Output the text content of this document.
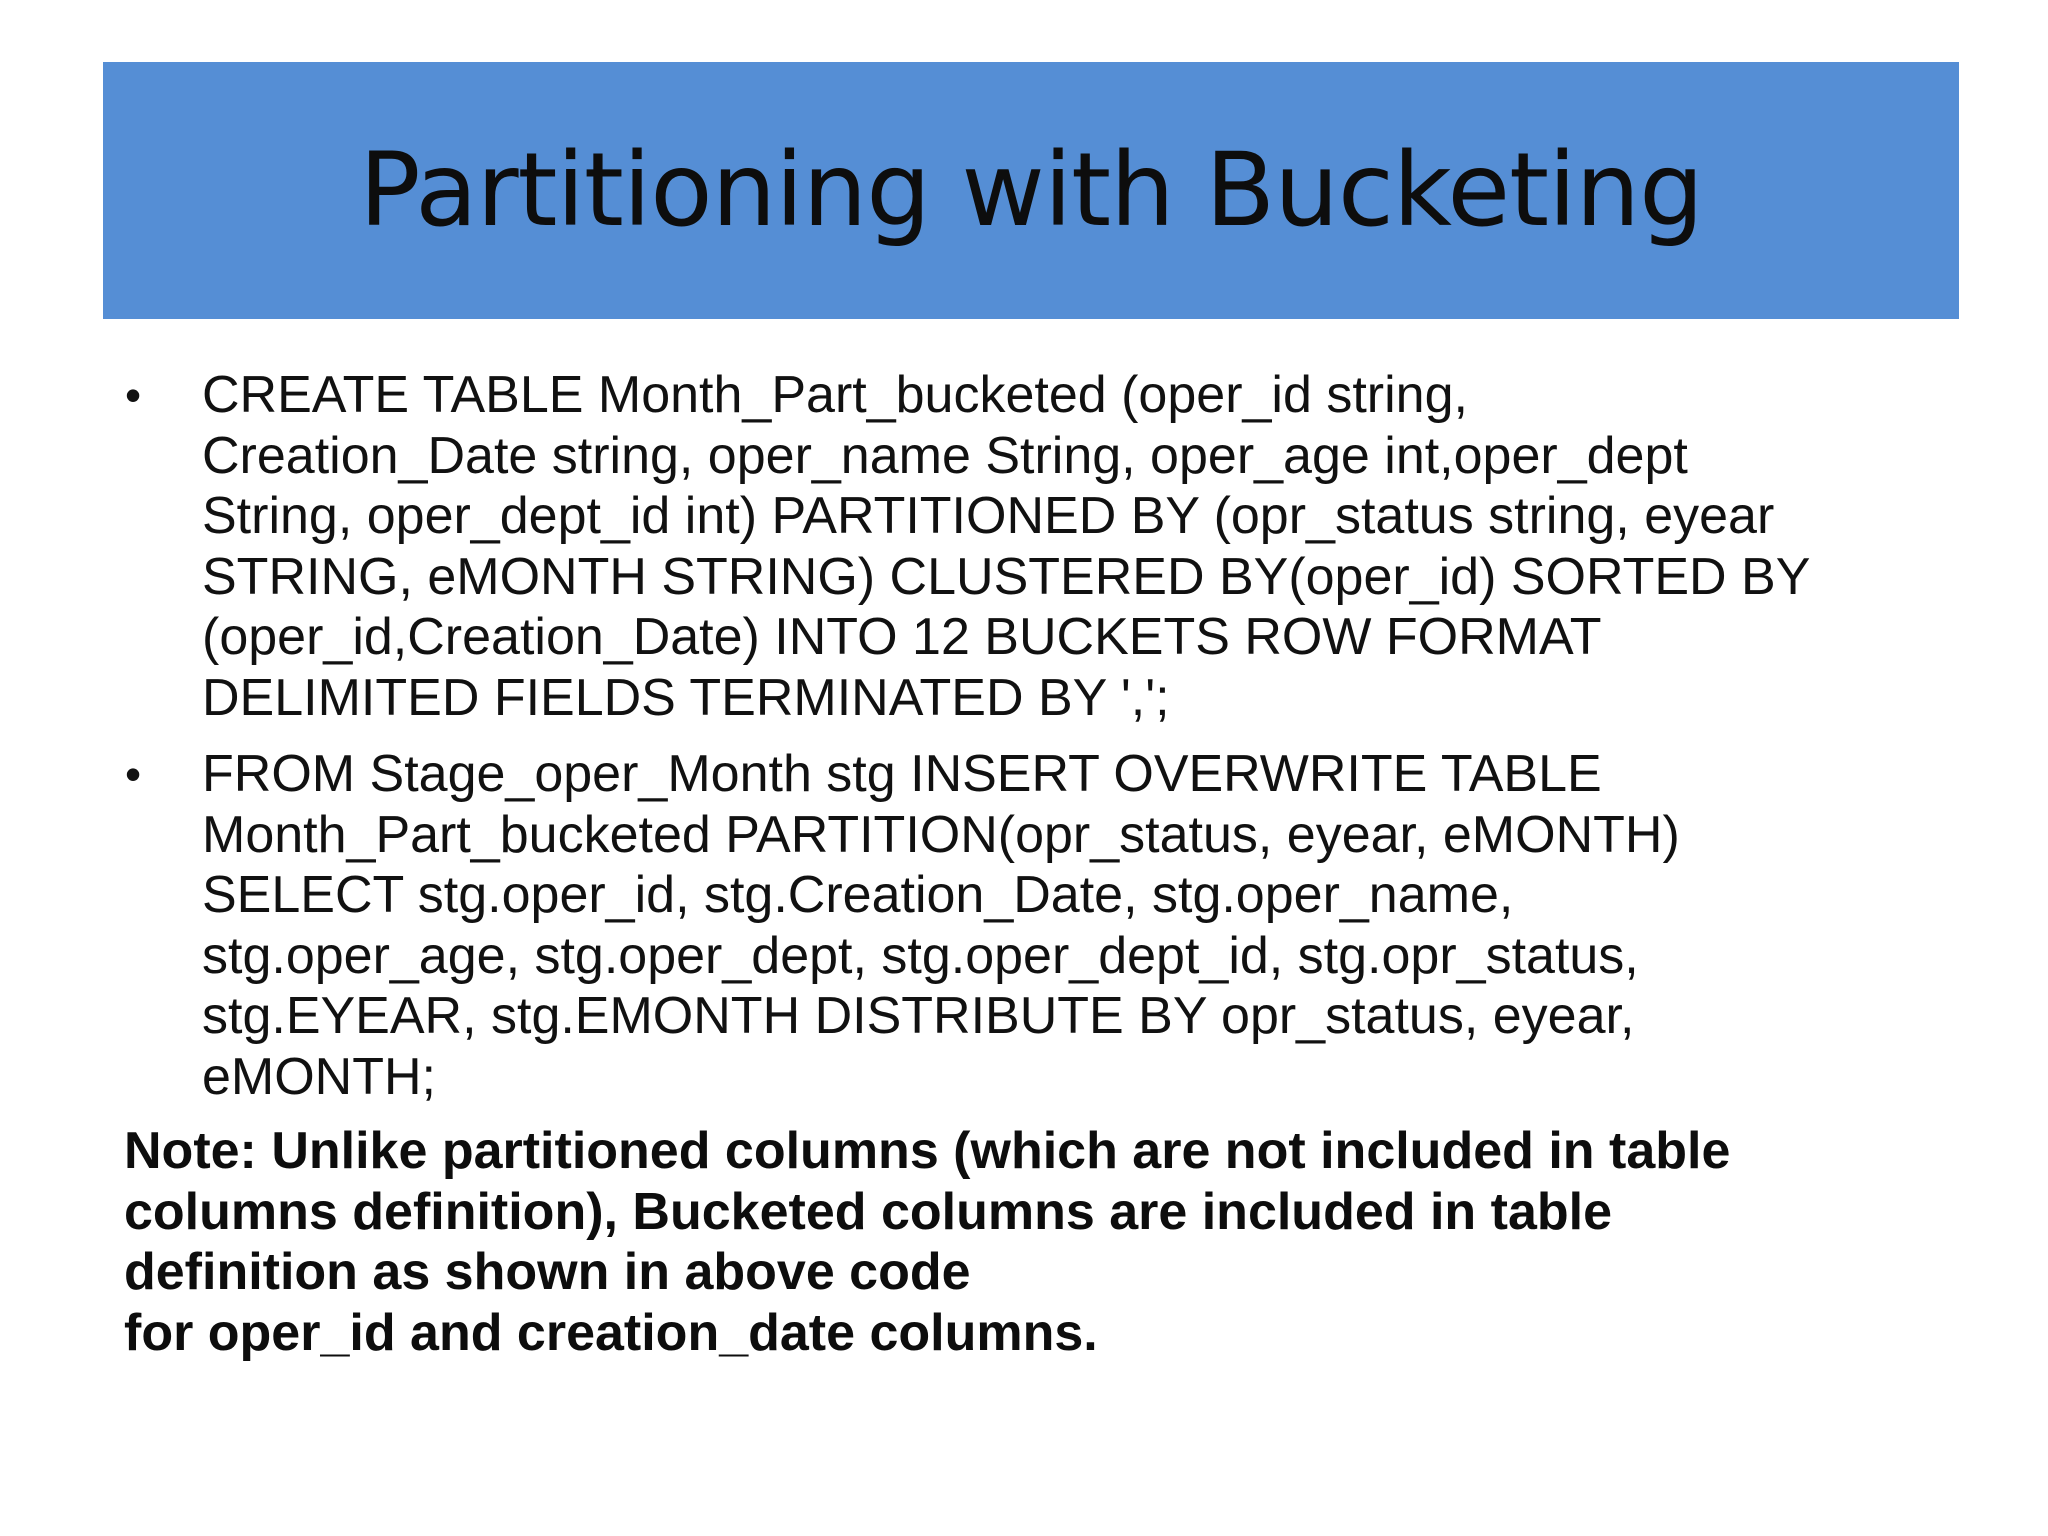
Partitioning with Bucketing
• CREATE TABLE Month_Part_bucketed (oper_id string,
Creation_Date string, oper_name String, oper_age int,oper_dept
String, oper_dept_id int) PARTITIONED BY (opr_status string, eyear
STRING, eMONTH STRING) CLUSTERED BY(oper_id) SORTED BY
(oper_id,Creation_Date) INTO 12 BUCKETS ROW FORMAT
DELIMITED FIELDS TERMINATED BY ',';
• FROM Stage_oper_Month stg INSERT OVERWRITE TABLE
Month_Part_bucketed PARTITION(opr_status, eyear, eMONTH)
SELECT stg.oper_id, stg.Creation_Date, stg.oper_name,
stg.oper_age, stg.oper_dept, stg.oper_dept_id, stg.opr_status,
stg.EYEAR, stg.EMONTH DISTRIBUTE BY opr_status, eyear,
eMONTH;

Note: Unlike partitioned columns (which are not included in table
columns definition), Bucketed columns are included in table
definition as shown in above code
for oper_id and creation_date columns.
